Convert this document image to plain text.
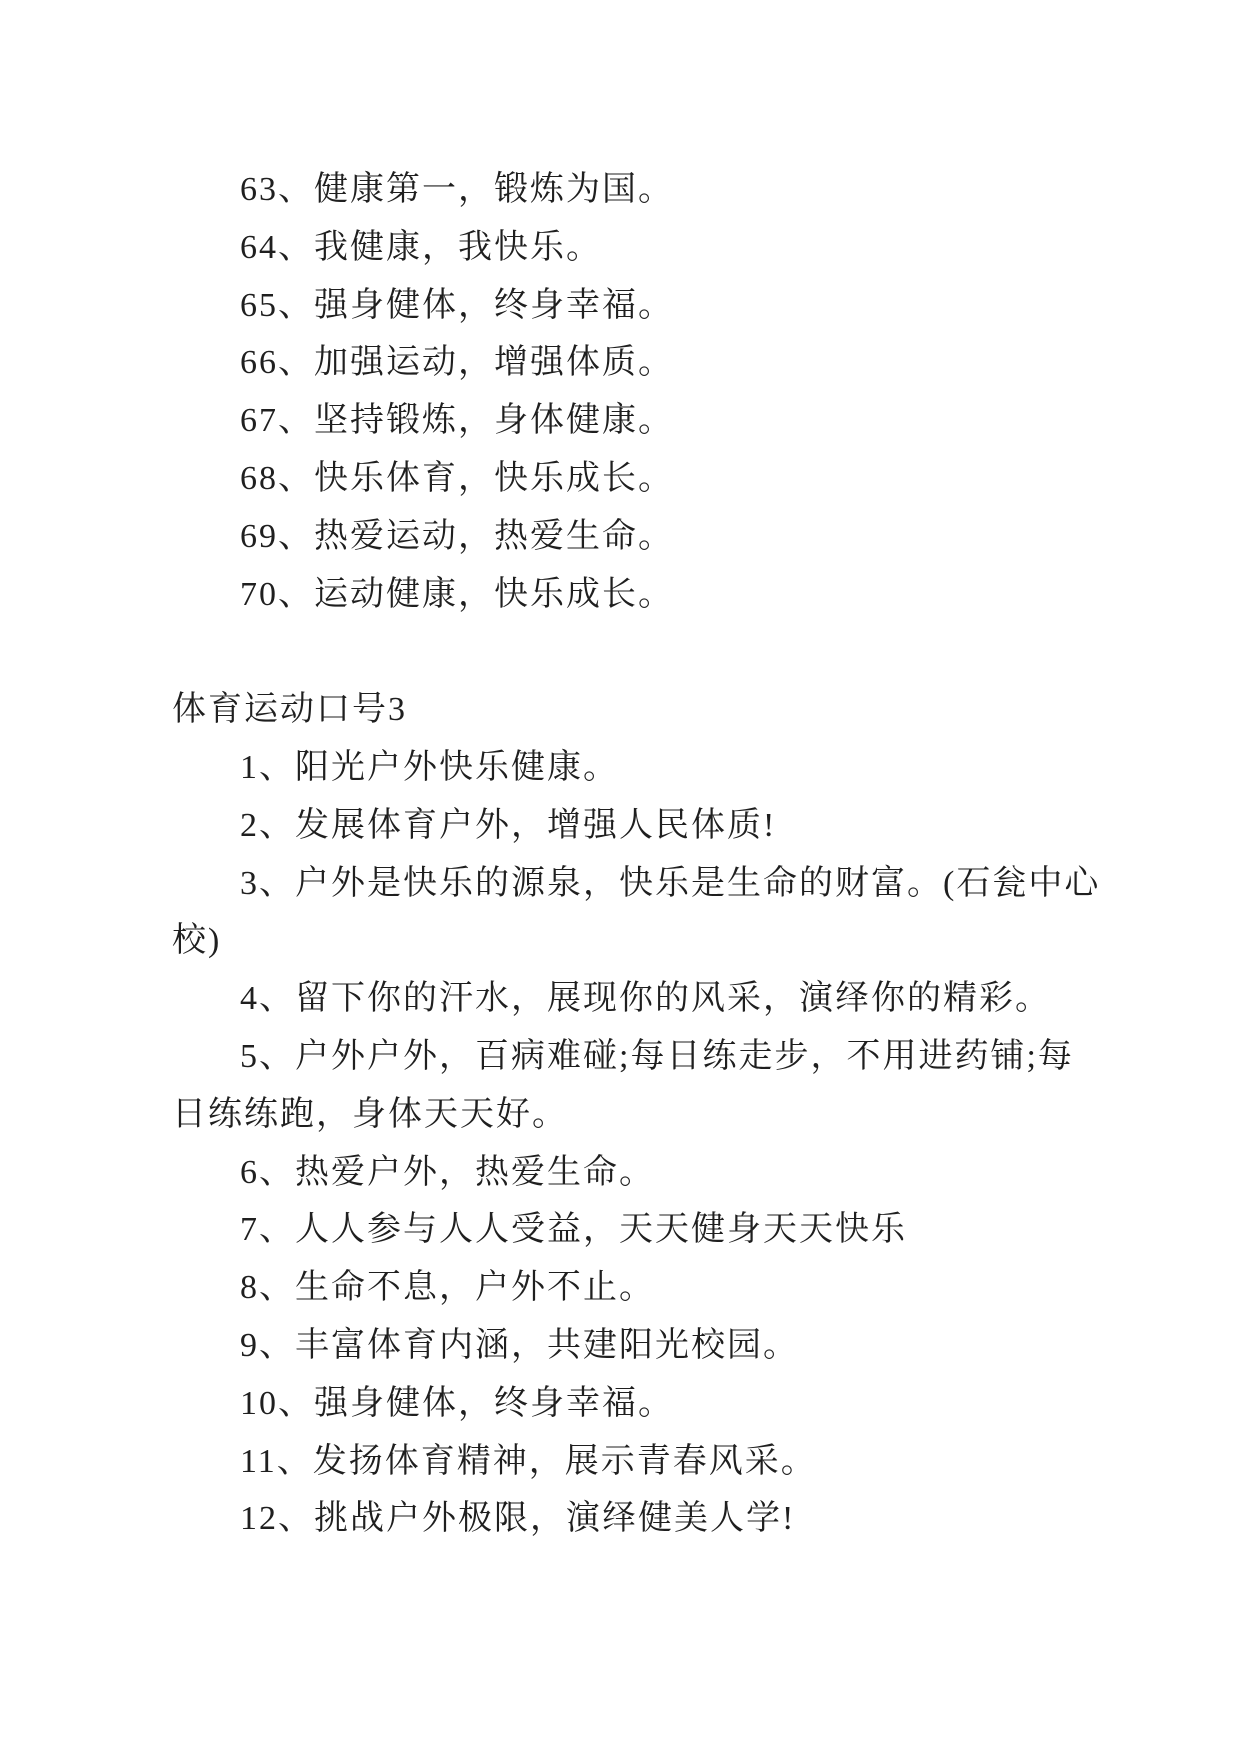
63、健康第一，锻炼为国。
64、我健康，我快乐。
65、强身健体，终身幸福。
66、加强运动，增强体质。
67、坚持锻炼，身体健康。
68、快乐体育，快乐成长。
69、热爱运动，热爱生命。
70、运动健康，快乐成长。
体育运动口号3
1、阳光户外快乐健康。
2、发展体育户外，增强人民体质!
3、户外是快乐的源泉，快乐是生命的财富。(石瓮中心
校)
4、留下你的汗水，展现你的风采，演绎你的精彩。
5、户外户外，百病难碰;每日练走步，不用进药铺;每
日练练跑，身体天天好。
6、热爱户外，热爱生命。
7、人人参与人人受益，天天健身天天快乐
8、生命不息，户外不止。
9、丰富体育内涵，共建阳光校园。
10、强身健体，终身幸福。
11、发扬体育精神，展示青春风采。
12、挑战户外极限，演绎健美人学!
